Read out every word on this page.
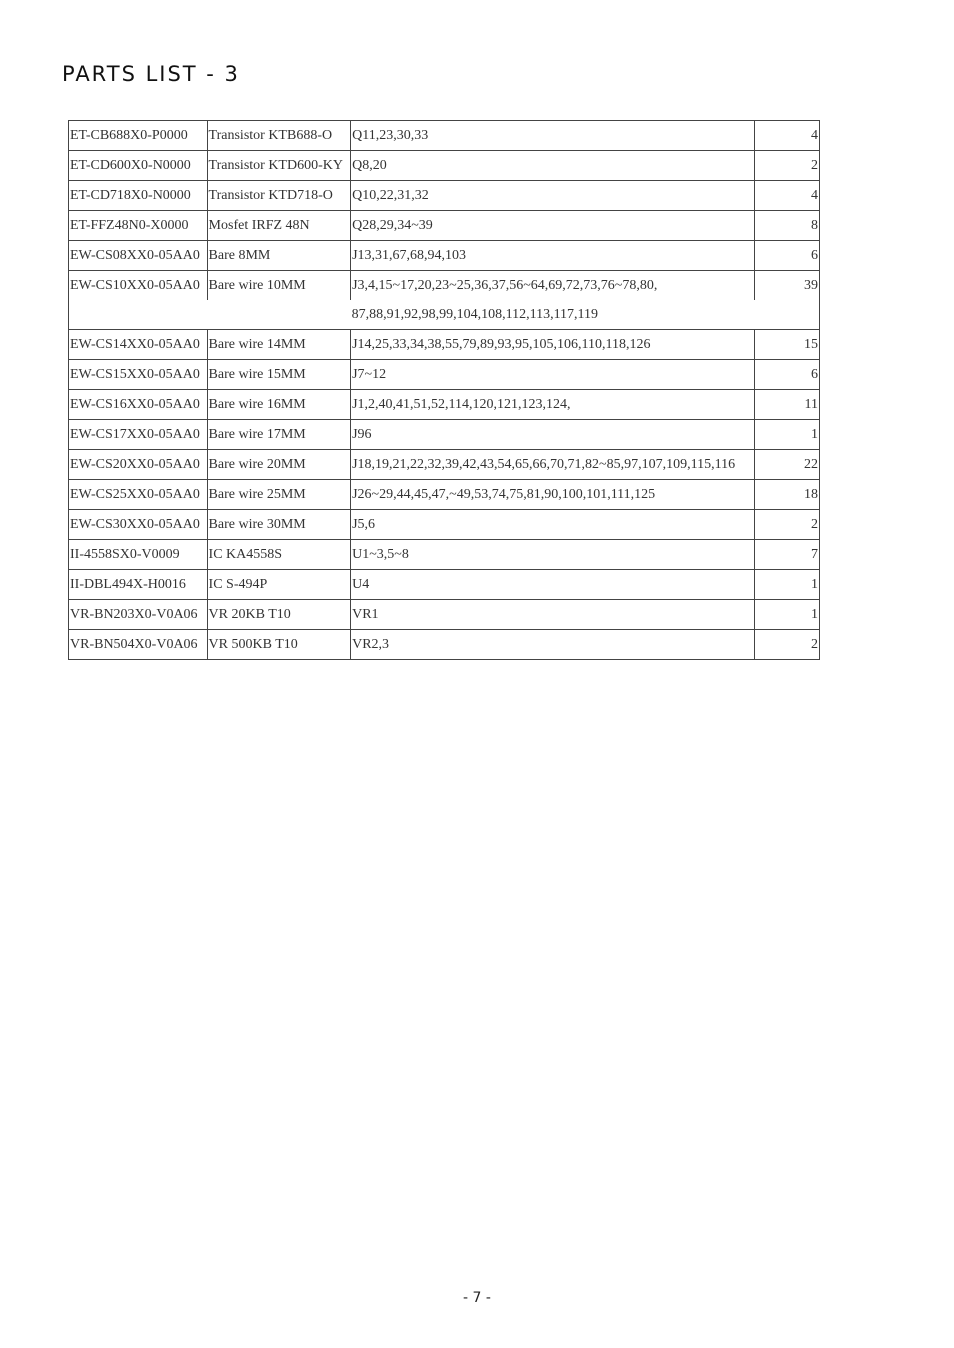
PARTS LIST - 3
ET-CB688X0-P0000	Transistor KTB688-O	Q11,23,30,33	4
ET-CD600X0-N0000	Transistor KTD600-KY	Q8,20	2
ET-CD718X0-N0000	Transistor KTD718-O	Q10,22,31,32	4
ET-FFZ48N0-X0000	Mosfet IRFZ 48N	Q28,29,34~39	8
EW-CS08XX0-05AA0	Bare 8MM	J13,31,67,68,94,103	6
EW-CS10XX0-05AA0	Bare wire 10MM	J3,4,15~17,20,23~25,36,37,56~64,69,72,73,76~78,80,	39
		87,88,91,92,98,99,104,108,112,113,117,119	
EW-CS14XX0-05AA0	Bare wire 14MM	J14,25,33,34,38,55,79,89,93,95,105,106,110,118,126	15
EW-CS15XX0-05AA0	Bare wire 15MM	J7~12	6
EW-CS16XX0-05AA0	Bare wire 16MM	J1,2,40,41,51,52,114,120,121,123,124,	11
EW-CS17XX0-05AA0	Bare wire 17MM	J96	1
EW-CS20XX0-05AA0	Bare wire 20MM	J18,19,21,22,32,39,42,43,54,65,66,70,71,82~85,97,107,109,115,116	22
EW-CS25XX0-05AA0	Bare wire 25MM	J26~29,44,45,47,~49,53,74,75,81,90,100,101,111,125	18
EW-CS30XX0-05AA0	Bare wire 30MM	J5,6	2
II-4558SX0-V0009	IC KA4558S	U1~3,5~8	7
II-DBL494X-H0016	IC S-494P	U4	1
VR-BN203X0-V0A06	VR 20KB T10	VR1	1
VR-BN504X0-V0A06	VR 500KB T10	VR2,3	2
- 7 -
